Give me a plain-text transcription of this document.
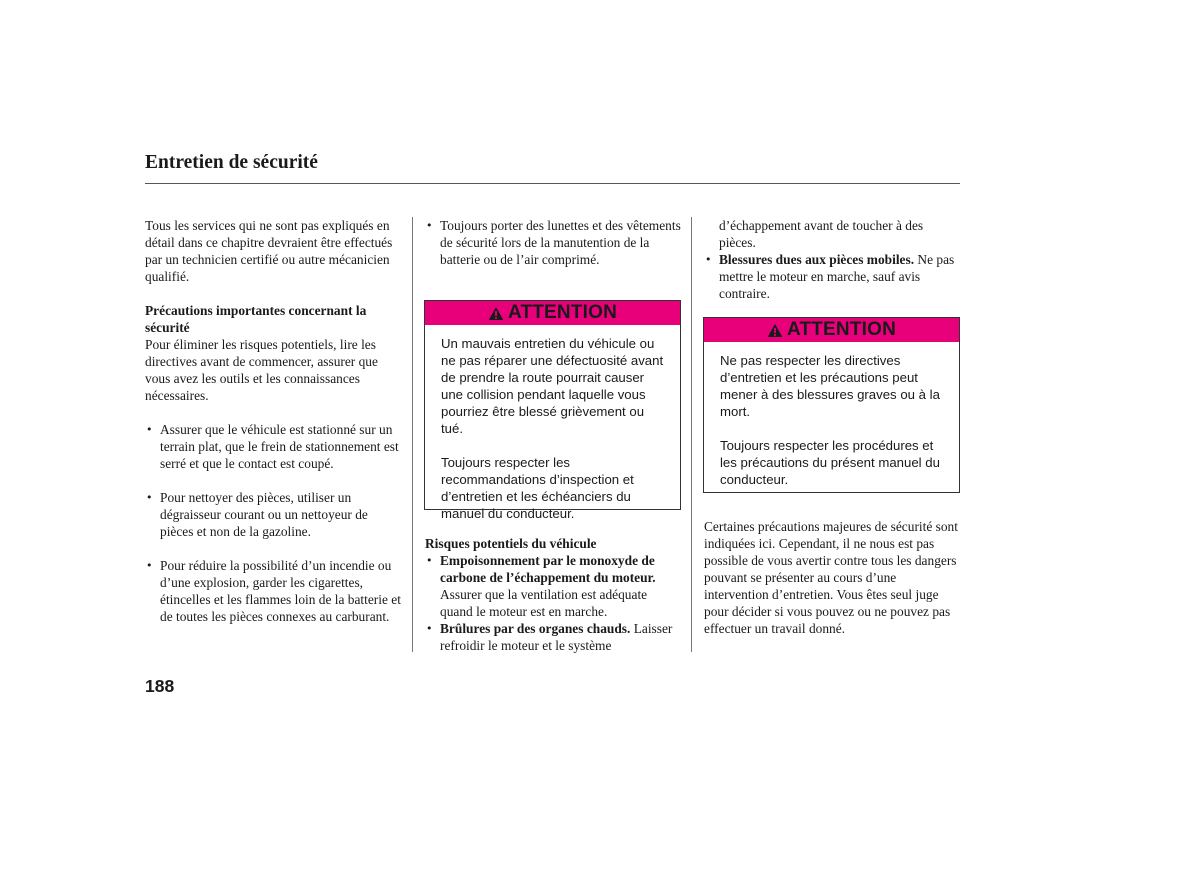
Entretien de sécurité

Tous les services qui ne sont pas expliqués en détail dans ce chapitre devraient être effectués par un technicien certifié ou autre mécanicien qualifié.

Précautions importantes concernant la sécurité

Pour éliminer les risques potentiels, lire les directives avant de commencer, assurer que vous avez les outils et les connaissances nécessaires.

• Assurer que le véhicule est stationné sur un terrain plat, que le frein de stationnement est serré et que le contact est coupé.

• Pour nettoyer des pièces, utiliser un dégraisseur courant ou un nettoyeur de pièces et non de la gazoline.

• Pour réduire la possibilité d’un incendie ou d’une explosion, garder les cigarettes, étincelles et les flammes loin de la batterie et de toutes les pièces connexes au carburant.

• Toujours porter des lunettes et des vêtements de sécurité lors de la manutention de la batterie ou de l’air comprimé.

ATTENTION

Un mauvais entretien du véhicule ou ne pas réparer une défectuosité avant de prendre la route pourrait causer une collision pendant laquelle vous pourriez être blessé grièvement ou tué.

Toujours respecter les recommandations d’inspection et d’entretien et les échéanciers du manuel du conducteur.

Risques potentiels du véhicule

• Empoisonnement par le monoxyde de carbone de l’échappement du moteur. Assurer que la ventilation est adéquate quand le moteur est en marche.

• Brûlures par des organes chauds. Laisser refroidir le moteur et le système

d’échappement avant de toucher à des pièces.

• Blessures dues aux pièces mobiles. Ne pas mettre le moteur en marche, sauf avis contraire.

ATTENTION

Ne pas respecter les directives d’entretien et les précautions peut mener à des blessures graves ou à la mort.

Toujours respecter les procédures et les précautions du présent manuel du conducteur.

Certaines précautions majeures de sécurité sont indiquées ici. Cependant, il ne nous est pas possible de vous avertir contre tous les dangers pouvant se présenter au cours d’une intervention d’entretien. Vous êtes seul juge pour décider si vous pouvez ou ne pouvez pas effectuer un travail donné.

188
